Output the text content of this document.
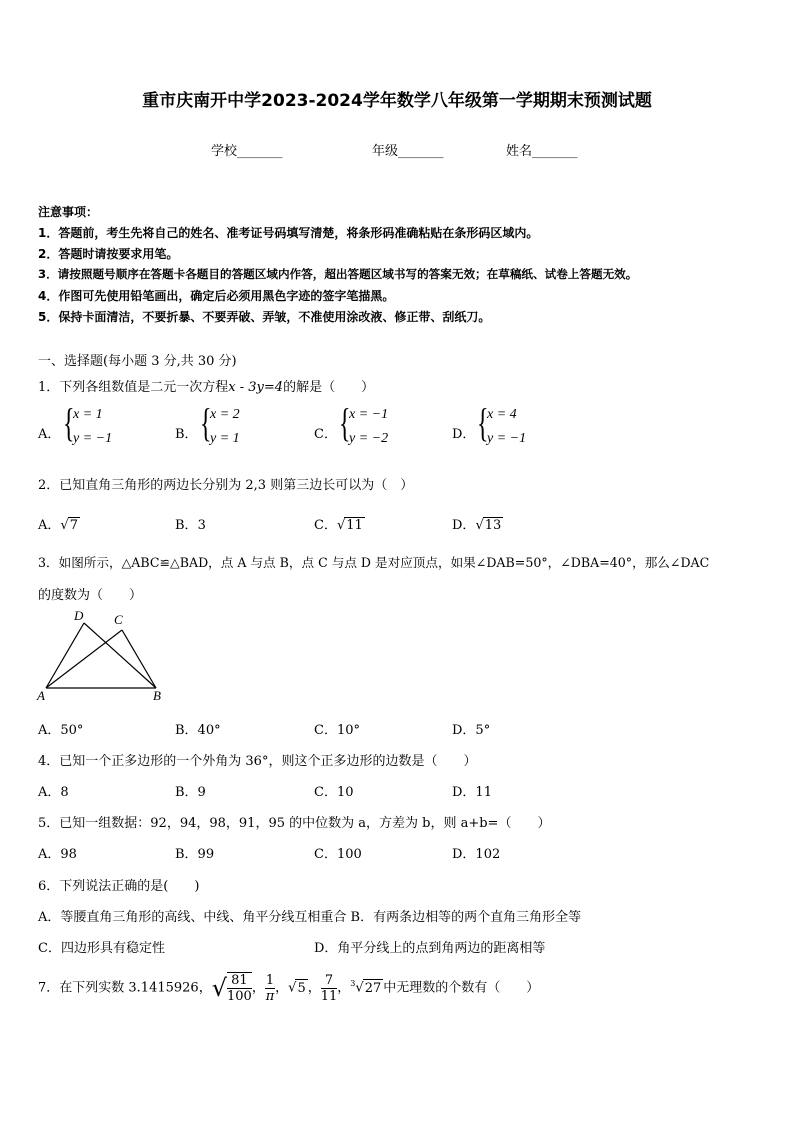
重市庆南开中学2023-2024学年数学八年级第一学期期末预测试题
学校_______	年级_______	姓名_______
注意事项：
1．答题前，考生先将自己的姓名、准考证号码填写清楚，将条形码准确粘贴在条形码区域内。
2．答题时请按要求用笔。
3．请按照题号顺序在答题卡各题目的答题区域内作答，超出答题区域书写的答案无效；在草稿纸、试卷上答题无效。
4．作图可先使用铅笔画出，确定后必须用黑色字迹的签字笔描黑。
5．保持卡面清洁，不要折暴、不要弄破、弄皱，不准使用涂改液、修正带、刮纸刀。
一、选择题(每小题 3 分,共 30 分)
1．下列各组数值是二元一次方程x - 3y=4的解是（　　）
A． {
x = 1
y = −1	B． {
x = 2
y = 1	C． {
x = −1
y = −2	D． {
x = 4
y = −1
2．已知直角三角形的两边长分别为 2,3 则第三边长可以为（　）
A．√7	B．3	C．√11	D．√13
3．如图所示，△ABC≌△BAD，点 A 与点 B，点 C 与点 D 是对应顶点，如果∠DAB=50°，∠DBA=40°，那么∠DAC
的度数为（　　）
A	B
D C
A．50°	B．40°	C．10°	D．5°
4．已知一个正多边形的一个外角为 36°，则这个正多边形的边数是（　　）
A．8	B．9	C．10	D．11
5．已知一组数据：92，94，98，91，95 的中位数为 a，方差为 b，则 a+b=（　　）
A．98	B．99	C．100	D．102
6．下列说法正确的是(　　)
A．等腰直角三角形的高线、中线、角平分线互相重合 B．有两条边相等的两个直角三角形全等
C．四边形具有稳定性	D．角平分线上的点到角两边的距离相等
7．在下列实数 3.1415926，√ $\frac{81}{100}$ ， $\frac{1}{\pi}$ ，√5 ， $\frac{7}{11}$ ，$^3$√27 中无理数的个数有（　　）
